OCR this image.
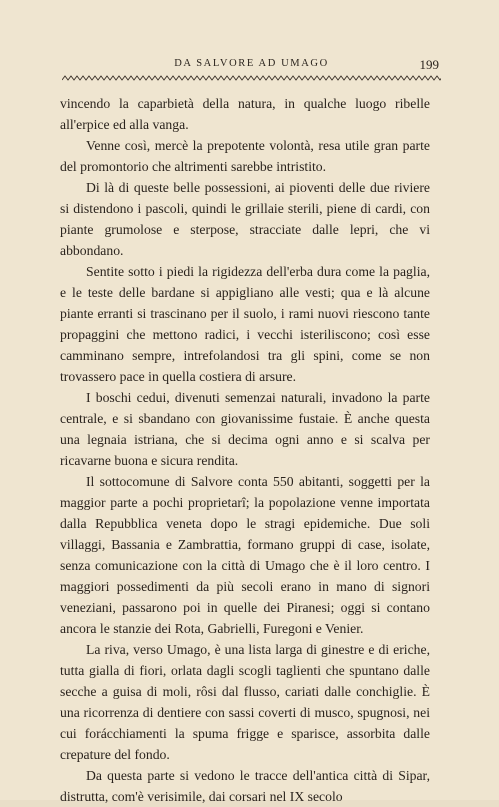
DA SALVORE AD UMAGO	199

vincendo la caparbietà della natura, in qualche luogo ribelle all'erpice ed alla vanga.

Venne così, mercè la prepotente volontà, resa utile gran parte del promontorio che altrimenti sarebbe intristito.

Di là di queste belle possessioni, ai pioventi delle due riviere si distendono i pascoli, quindi le grillaie sterili, piene di cardi, con piante grumolose e sterpose, stracciate dalle lepri, che vi abbondano.

Sentite sotto i piedi la rigidezza dell'erba dura come la paglia, e le teste delle bardane si appigliano alle vesti; qua e là alcune piante erranti si trascinano per il suolo, i rami nuovi riescono tante propaggini che mettono radici, i vecchi isteriliscono; così esse camminano sempre, intrefolandosi tra gli spini, come se non trovassero pace in quella costiera di arsure.

I boschi cedui, divenuti semenzai naturali, invadono la parte centrale, e si sbandano con giovanissime fustaie. È anche questa una legnaia istriana, che si decima ogni anno e si scalva per ricavarne buona e sicura rendita.

Il sottocomune di Salvore conta 550 abitanti, soggetti per la maggior parte a pochi proprietarî; la popolazione venne importata dalla Repubblica veneta dopo le stragi epidemiche. Due soli villaggi, Bassania e Zambrattia, formano gruppi di case, isolate, senza comunicazione con la città di Umago che è il loro centro. I maggiori possedimenti da più secoli erano in mano di signori veneziani, passarono poi in quelle dei Piranesi; oggi si contano ancora le stanzie dei Rota, Gabrielli, Furegoni e Venier.

La riva, verso Umago, è una lista larga di ginestre e di eriche, tutta gialla di fiori, orlata dagli scogli taglienti che spuntano dalle secche a guisa di moli, rôsi dal flusso, cariati dalle conchiglie. È una ricorrenza di dentiere con sassi coverti di musco, spugnosi, nei cui forácchiamenti la spuma frigge e sparisce, assorbita dalle crepature del fondo.

Da questa parte si vedono le tracce dell'antica città di Sipar, distrutta, com'è verisimile, dai corsari nel IX secolo
